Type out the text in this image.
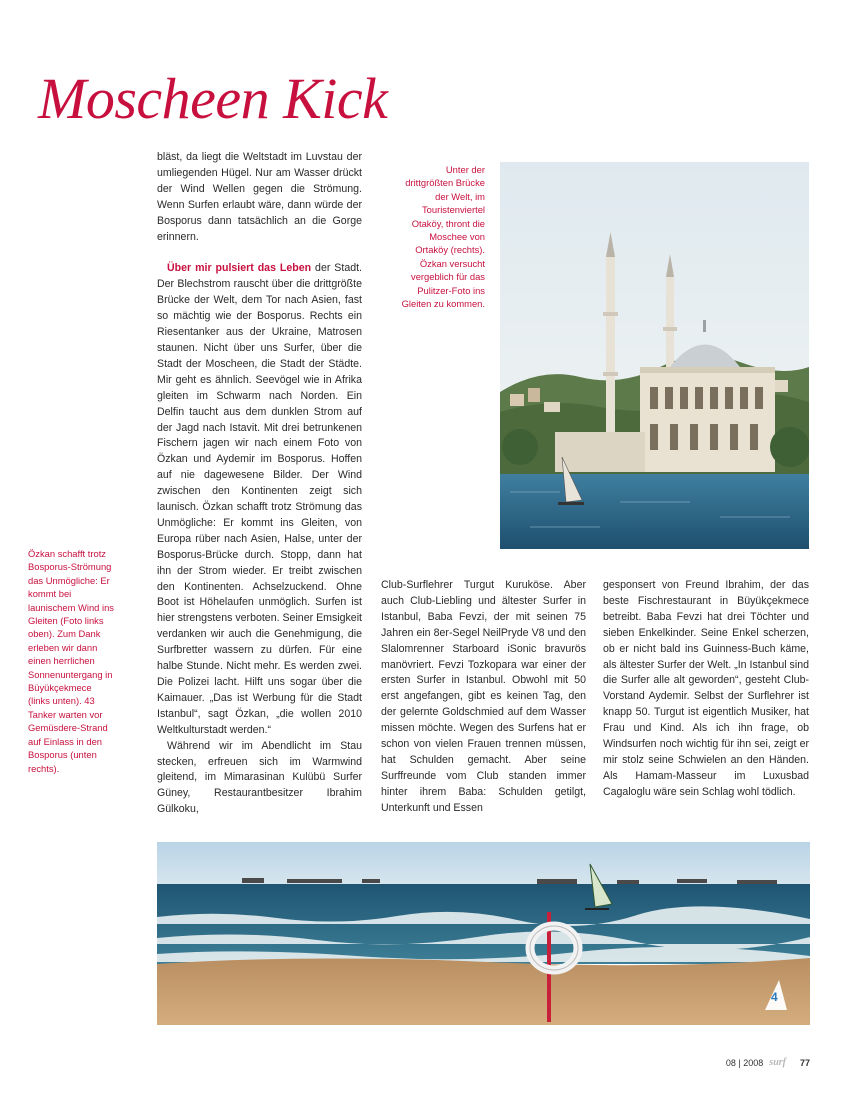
Moscheen Kick

bläst, da liegt die Weltstadt im Luvstau der umliegenden Hügel. Nur am Wasser drückt der Wind Wellen gegen die Strömung. Wenn Surfen erlaubt wäre, dann würde der Bosporus dann tatsächlich an die Gorge erinnern.

Über mir pulsiert das Leben der Stadt. Der Blechstrom rauscht über die drittgrößte Brücke der Welt, dem Tor nach Asien, fast so mächtig wie der Bosporus. Rechts ein Riesentanker aus der Ukraine, Matrosen staunen. Nicht über uns Surfer, über die Stadt der Moscheen, die Stadt der Städte. Mir geht es ähnlich. Seevögel wie in Afrika gleiten im Schwarm nach Norden. Ein Delfin taucht aus dem dunklen Strom auf der Jagd nach Istavit. Mit drei betrunkenen Fischern jagen wir nach einem Foto von Özkan und Aydemir im Bosporus. Hoffen auf nie dagewesene Bilder. Der Wind zwischen den Kontinenten zeigt sich launisch. Özkan schafft trotz Strömung das Unmögliche: Er kommt ins Gleiten, von Europa rüber nach Asien, Halse, unter der Bosporus-Brücke durch. Stopp, dann hat ihn der Strom wieder. Er treibt zwischen den Kontinenten. Achselzuckend. Ohne Boot ist Höhelaufen unmöglich. Surfen ist hier strengstens verboten. Seiner Emsigkeit verdanken wir auch die Genehmigung, die Surfbretter wassern zu dürfen. Für eine halbe Stunde. Nicht mehr. Es werden zwei. Die Polizei lacht. Hilft uns sogar über die Kaimauer. „Das ist Werbung für die Stadt Istanbul“, sagt Özkan, „die wollen 2010 Weltkulturstadt werden.“

Während wir im Abendlicht im Stau stecken, erfreuen sich im Warmwind gleitend, im Mimarasinan Kulübü Surfer Güney, Restaurantbesitzer Ibrahim Gülkoku,

Club-Surflehrer Turgut Kuruköse. Aber auch Club-Liebling und ältester Surfer in Istanbul, Baba Fevzi, der mit seinen 75 Jahren ein 8er-Segel NeilPryde V8 und den Slalomrenner Starboard iSonic bravurös manövriert. Fevzi Tozkopara war einer der ersten Surfer in Istanbul. Obwohl mit 50 erst angefangen, gibt es keinen Tag, den der gelernte Goldschmied auf dem Wasser missen möchte. Wegen des Surfens hat er schon von vielen Frauen trennen müssen, hat Schulden gemacht. Aber seine Surffreunde vom Club standen immer hinter ihrem Baba: Schulden getilgt, Unterkunft und Essen

gesponsert von Freund Ibrahim, der das beste Fischrestaurant in Büyükçekmece betreibt. Baba Fevzi hat drei Töchter und sieben Enkelkinder. Seine Enkel scherzen, ob er nicht bald ins Guinness-Buch käme, als ältester Surfer der Welt. „In Istanbul sind die Surfer alle alt geworden“, gesteht Club-Vorstand Aydemir. Selbst der Surflehrer ist knapp 50. Turgut ist eigentlich Musiker, hat Frau und Kind. Als ich ihn frage, ob Windsurfen noch wichtig für ihn sei, zeigt er mir stolz seine Schwielen an den Händen. Als Hamam-Masseur im Luxusbad Cagaloglu wäre sein Schlag wohl tödlich.

Unter der drittgrößten Brücke der Welt, im Touristenviertel Otaköy, thront die Moschee von Ortaköy (rechts). Özkan versucht vergeblich für das Pulitzer-Foto ins Gleiten zu kommen.
Özkan schafft trotz Bosporus-Strömung das Unmögliche: Er kommt bei launischem Wind ins Gleiten (Foto links oben). Zum Dank erleben wir dann einen herrlichen Sonnenuntergang in Büyükçekmece (links unten). 43 Tanker warten vor Gemüsdere-Strand auf Einlass in den Bosporus (unten rechts).
4
08 | 2008 surf 77
